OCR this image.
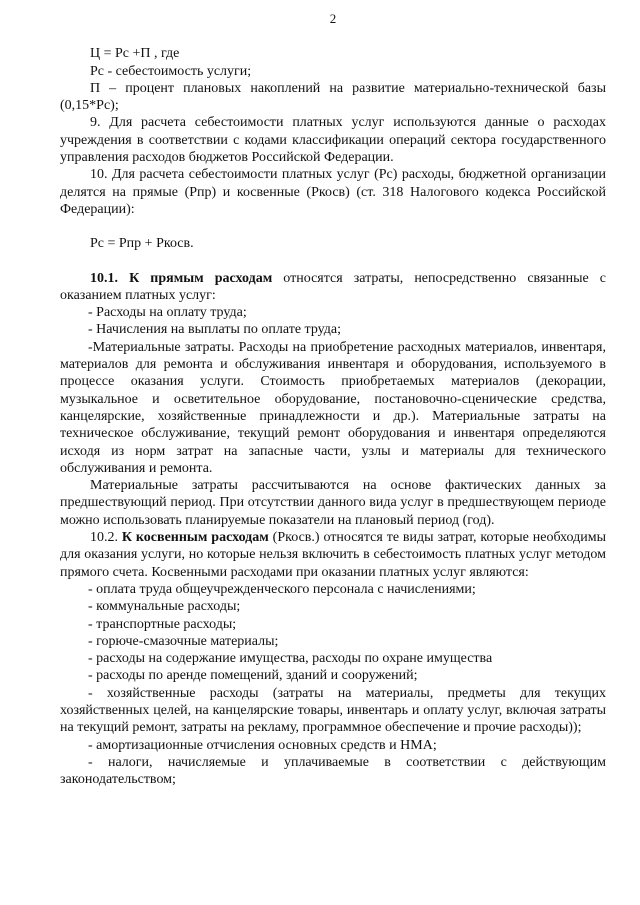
2

Ц = Рс +П , где

Рс - себестоимость услуги;

П – процент плановых накоплений на развитие материально-технической базы (0,15*Рс);

9. Для расчета себестоимости платных услуг используются данные о расходах учреждения в соответствии с кодами классификации операций сектора государственного управления расходов бюджетов Российской Федерации.

10. Для расчета себестоимости платных услуг (Рс) расходы, бюджетной организации делятся на прямые (Рпр) и косвенные (Ркосв) (ст. 318 Налогового кодекса Российской Федерации):

Рс = Рпр + Ркосв.

10.1. К прямым расходам относятся затраты, непосредственно связанные с оказанием платных услуг:

- Расходы на оплату труда;

- Начисления на выплаты по оплате труда;

-Материальные затраты. Расходы на приобретение расходных материалов, инвентаря, материалов для ремонта и обслуживания инвентаря и оборудования, используемого в процессе оказания услуги. Стоимость приобретаемых материалов (декорации, музыкальное и осветительное оборудование, постановочно-сценические средства, канцелярские, хозяйственные принадлежности и др.). Материальные затраты на техническое обслуживание, текущий ремонт оборудования и инвентаря определяются исходя из норм затрат на запасные части, узлы и материалы для технического обслуживания и ремонта.

Материальные затраты рассчитываются на основе фактических данных за предшествующий период. При отсутствии данного вида услуг в предшествующем периоде можно использовать планируемые показатели на плановый период (год).

10.2. К косвенным расходам (Ркосв.) относятся те виды затрат, которые необходимы для оказания услуги, но которые нельзя включить в себестоимость платных услуг методом прямого счета. Косвенными расходами при оказании платных услуг являются:

- оплата труда общеучрежденческого персонала с начислениями;

- коммунальные расходы;

- транспортные расходы;

- горюче-смазочные материалы;

- расходы на содержание имущества, расходы по охране имущества

- расходы по аренде помещений, зданий и сооружений;

- хозяйственные расходы (затраты на материалы, предметы для текущих хозяйственных целей, на канцелярские товары, инвентарь и оплату услуг, включая затраты на текущий ремонт, затраты на рекламу, программное обеспечение и прочие расходы));

- амортизационные отчисления основных средств и НМА;

- налоги, начисляемые и уплачиваемые в соответствии с действующим законодательством;
